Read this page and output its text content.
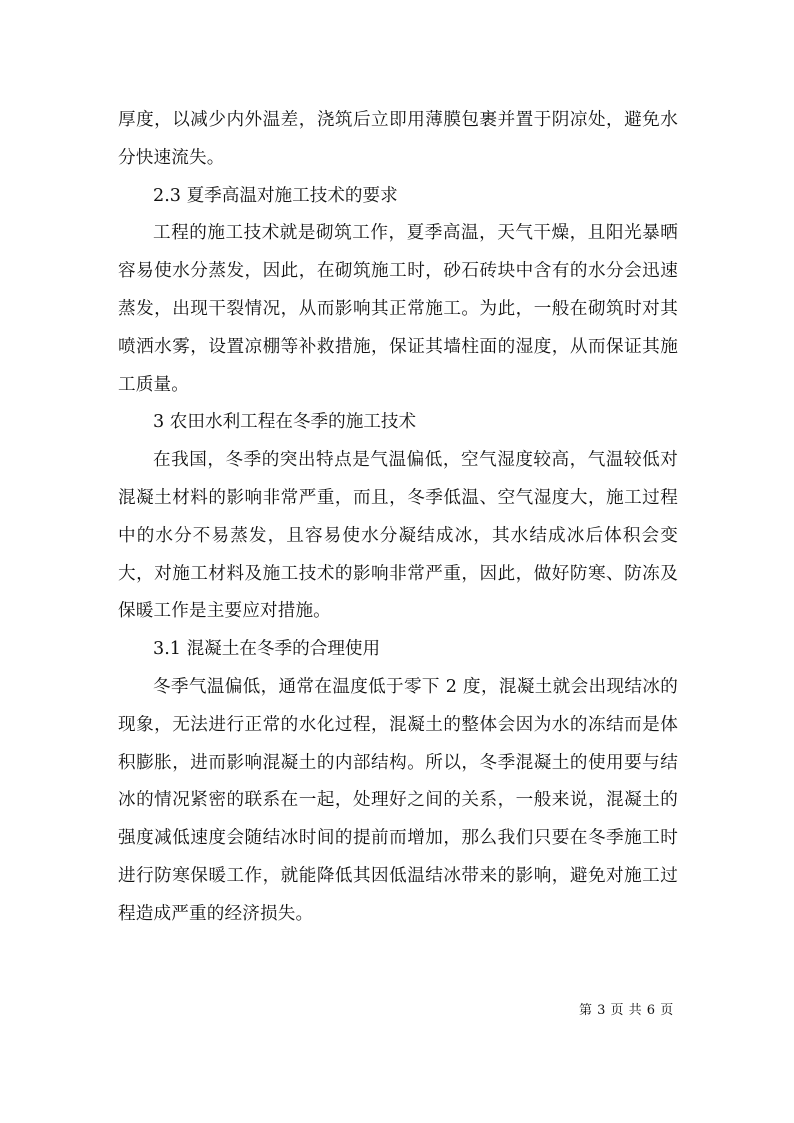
厚度，以减少内外温差，浇筑后立即用薄膜包裹并置于阴凉处，避免水分快速流失。

2.3 夏季高温对施工技术的要求

工程的施工技术就是砌筑工作，夏季高温，天气干燥，且阳光暴晒容易使水分蒸发，因此，在砌筑施工时，砂石砖块中含有的水分会迅速蒸发，出现干裂情况，从而影响其正常施工。为此，一般在砌筑时对其喷洒水雾，设置凉棚等补救措施，保证其墙柱面的湿度，从而保证其施工质量。

3 农田水利工程在冬季的施工技术

在我国，冬季的突出特点是气温偏低，空气湿度较高，气温较低对混凝土材料的影响非常严重，而且，冬季低温、空气湿度大，施工过程中的水分不易蒸发，且容易使水分凝结成冰，其水结成冰后体积会变大，对施工材料及施工技术的影响非常严重，因此，做好防寒、防冻及保暖工作是主要应对措施。

3.1 混凝土在冬季的合理使用

冬季气温偏低，通常在温度低于零下 2 度，混凝土就会出现结冰的现象，无法进行正常的水化过程，混凝土的整体会因为水的冻结而是体积膨胀，进而影响混凝土的内部结构。所以，冬季混凝土的使用要与结冰的情况紧密的联系在一起，处理好之间的关系，一般来说，混凝土的强度减低速度会随结冰时间的提前而增加，那么我们只要在冬季施工时进行防寒保暖工作，就能降低其因低温结冰带来的影响，避免对施工过程造成严重的经济损失。

第 3 页 共 6 页
